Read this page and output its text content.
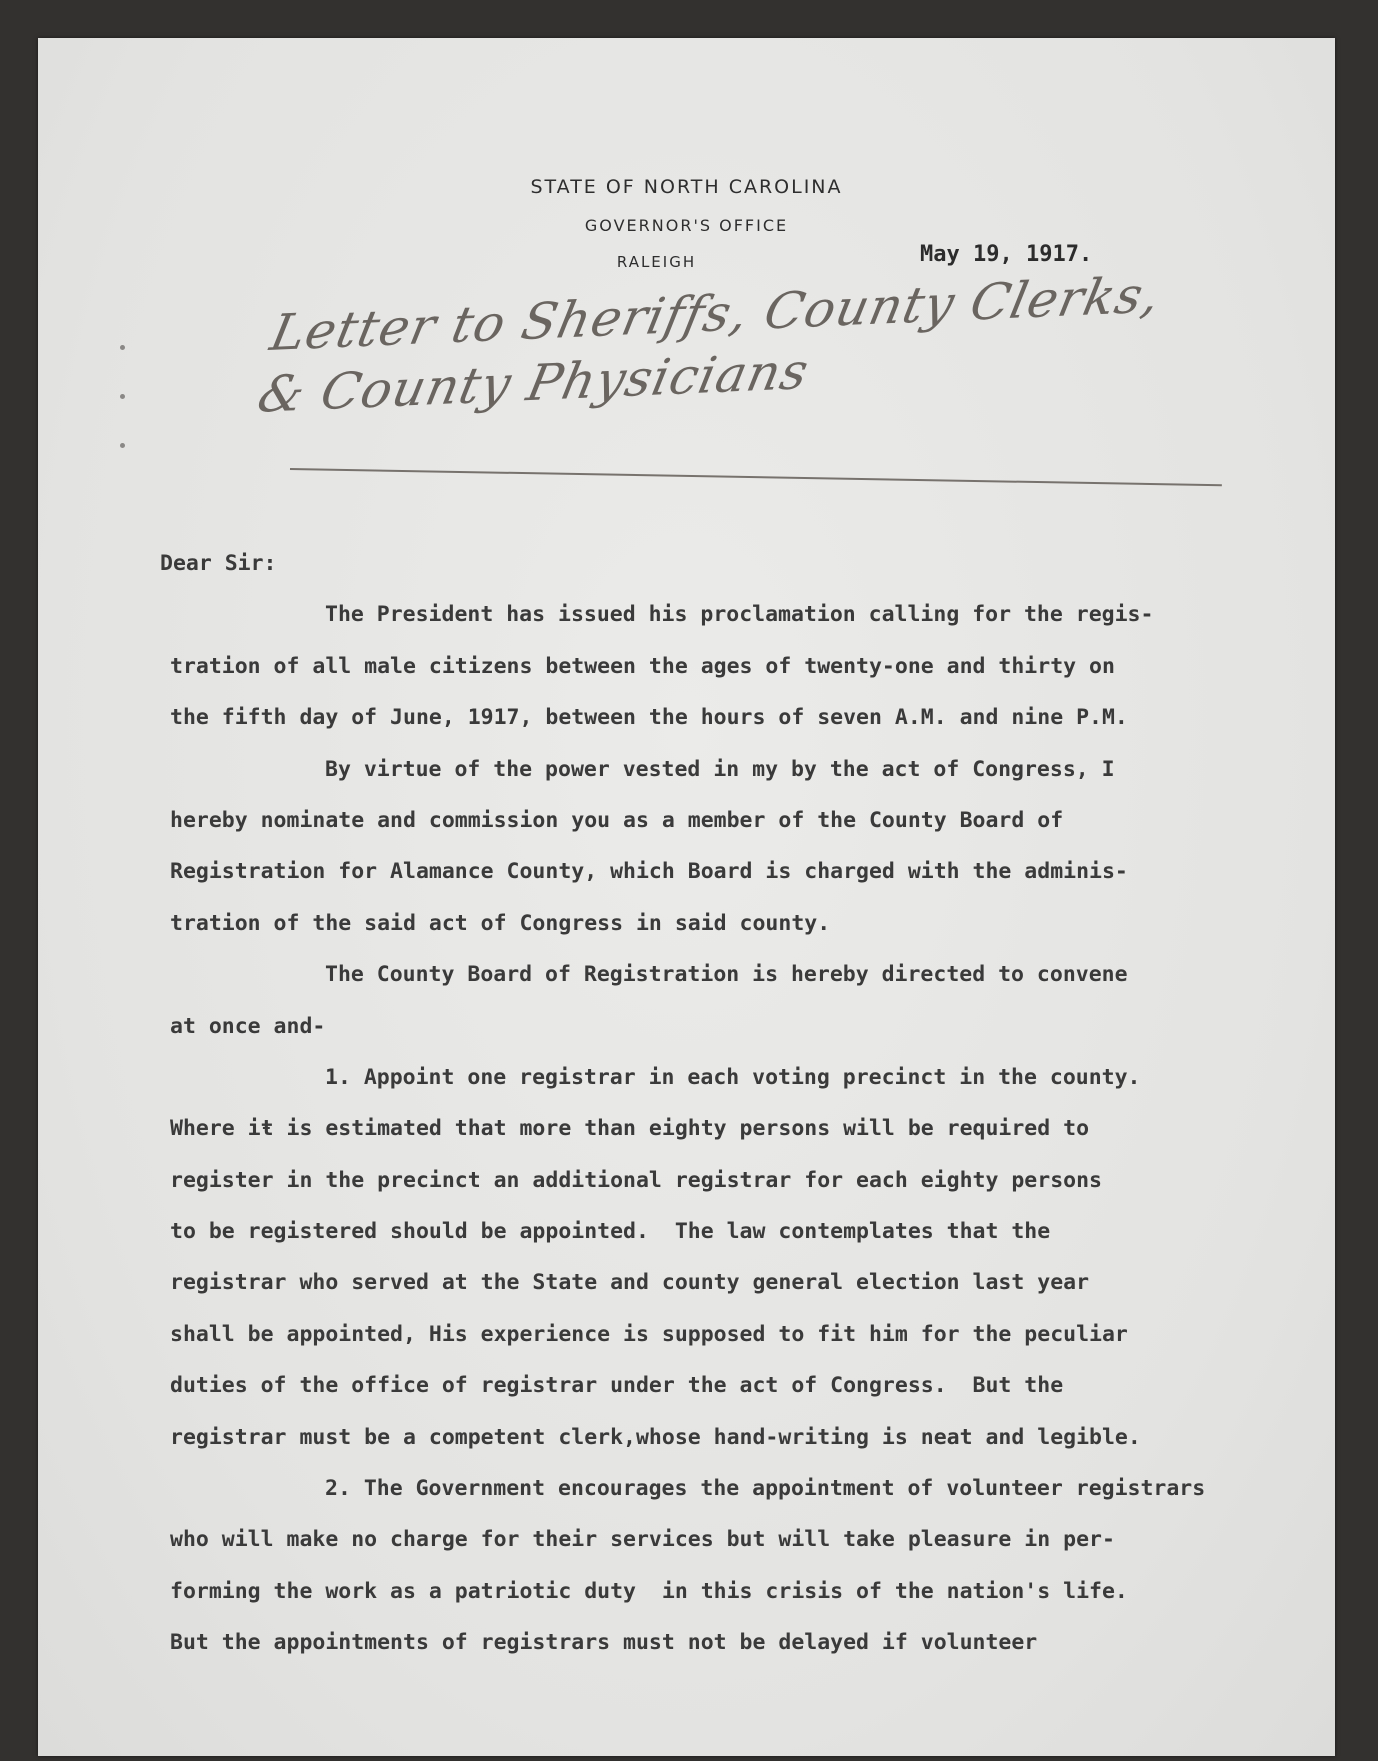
STATE OF NORTH CAROLINA
GOVERNOR'S OFFICE
RALEIGH	May 19, 1917.
Letter to Sheriffs, County Clerks,
& County Physicians
Dear Sir:
The President has issued his proclamation calling for the regis-
tration of all male citizens between the ages of twenty-one and thirty on
the fifth day of June, 1917, between the hours of seven A.M. and nine P.M.
By virtue of the power vested in my by the act of Congress, I
hereby nominate and commission you as a member of the County Board of
Registration for Alamance County, which Board is charged with the adminis-
tration of the said act of Congress in said county.
The County Board of Registration is hereby directed to convene
at once and-
1. Appoint one registrar in each voting precinct in the county.
Where iŧ is estimated that more than eighty persons will be required to
register in the precinct an additional registrar for each eighty persons
to be registered should be appointed.  The law contemplates that the
registrar who served at the State and county general election last year
shall be appointed, His experience is supposed to fit him for the peculiar
duties of the office of registrar under the act of Congress.  But the
registrar must be a competent clerk,whose hand-writing is neat and legible.
2. The Government encourages the appointment of volunteer registrars
who will make no charge for their services but will take pleasure in per-
forming the work as a patriotic duty  in this crisis of the nation's life.
But the appointments of registrars must not be delayed if volunteer
